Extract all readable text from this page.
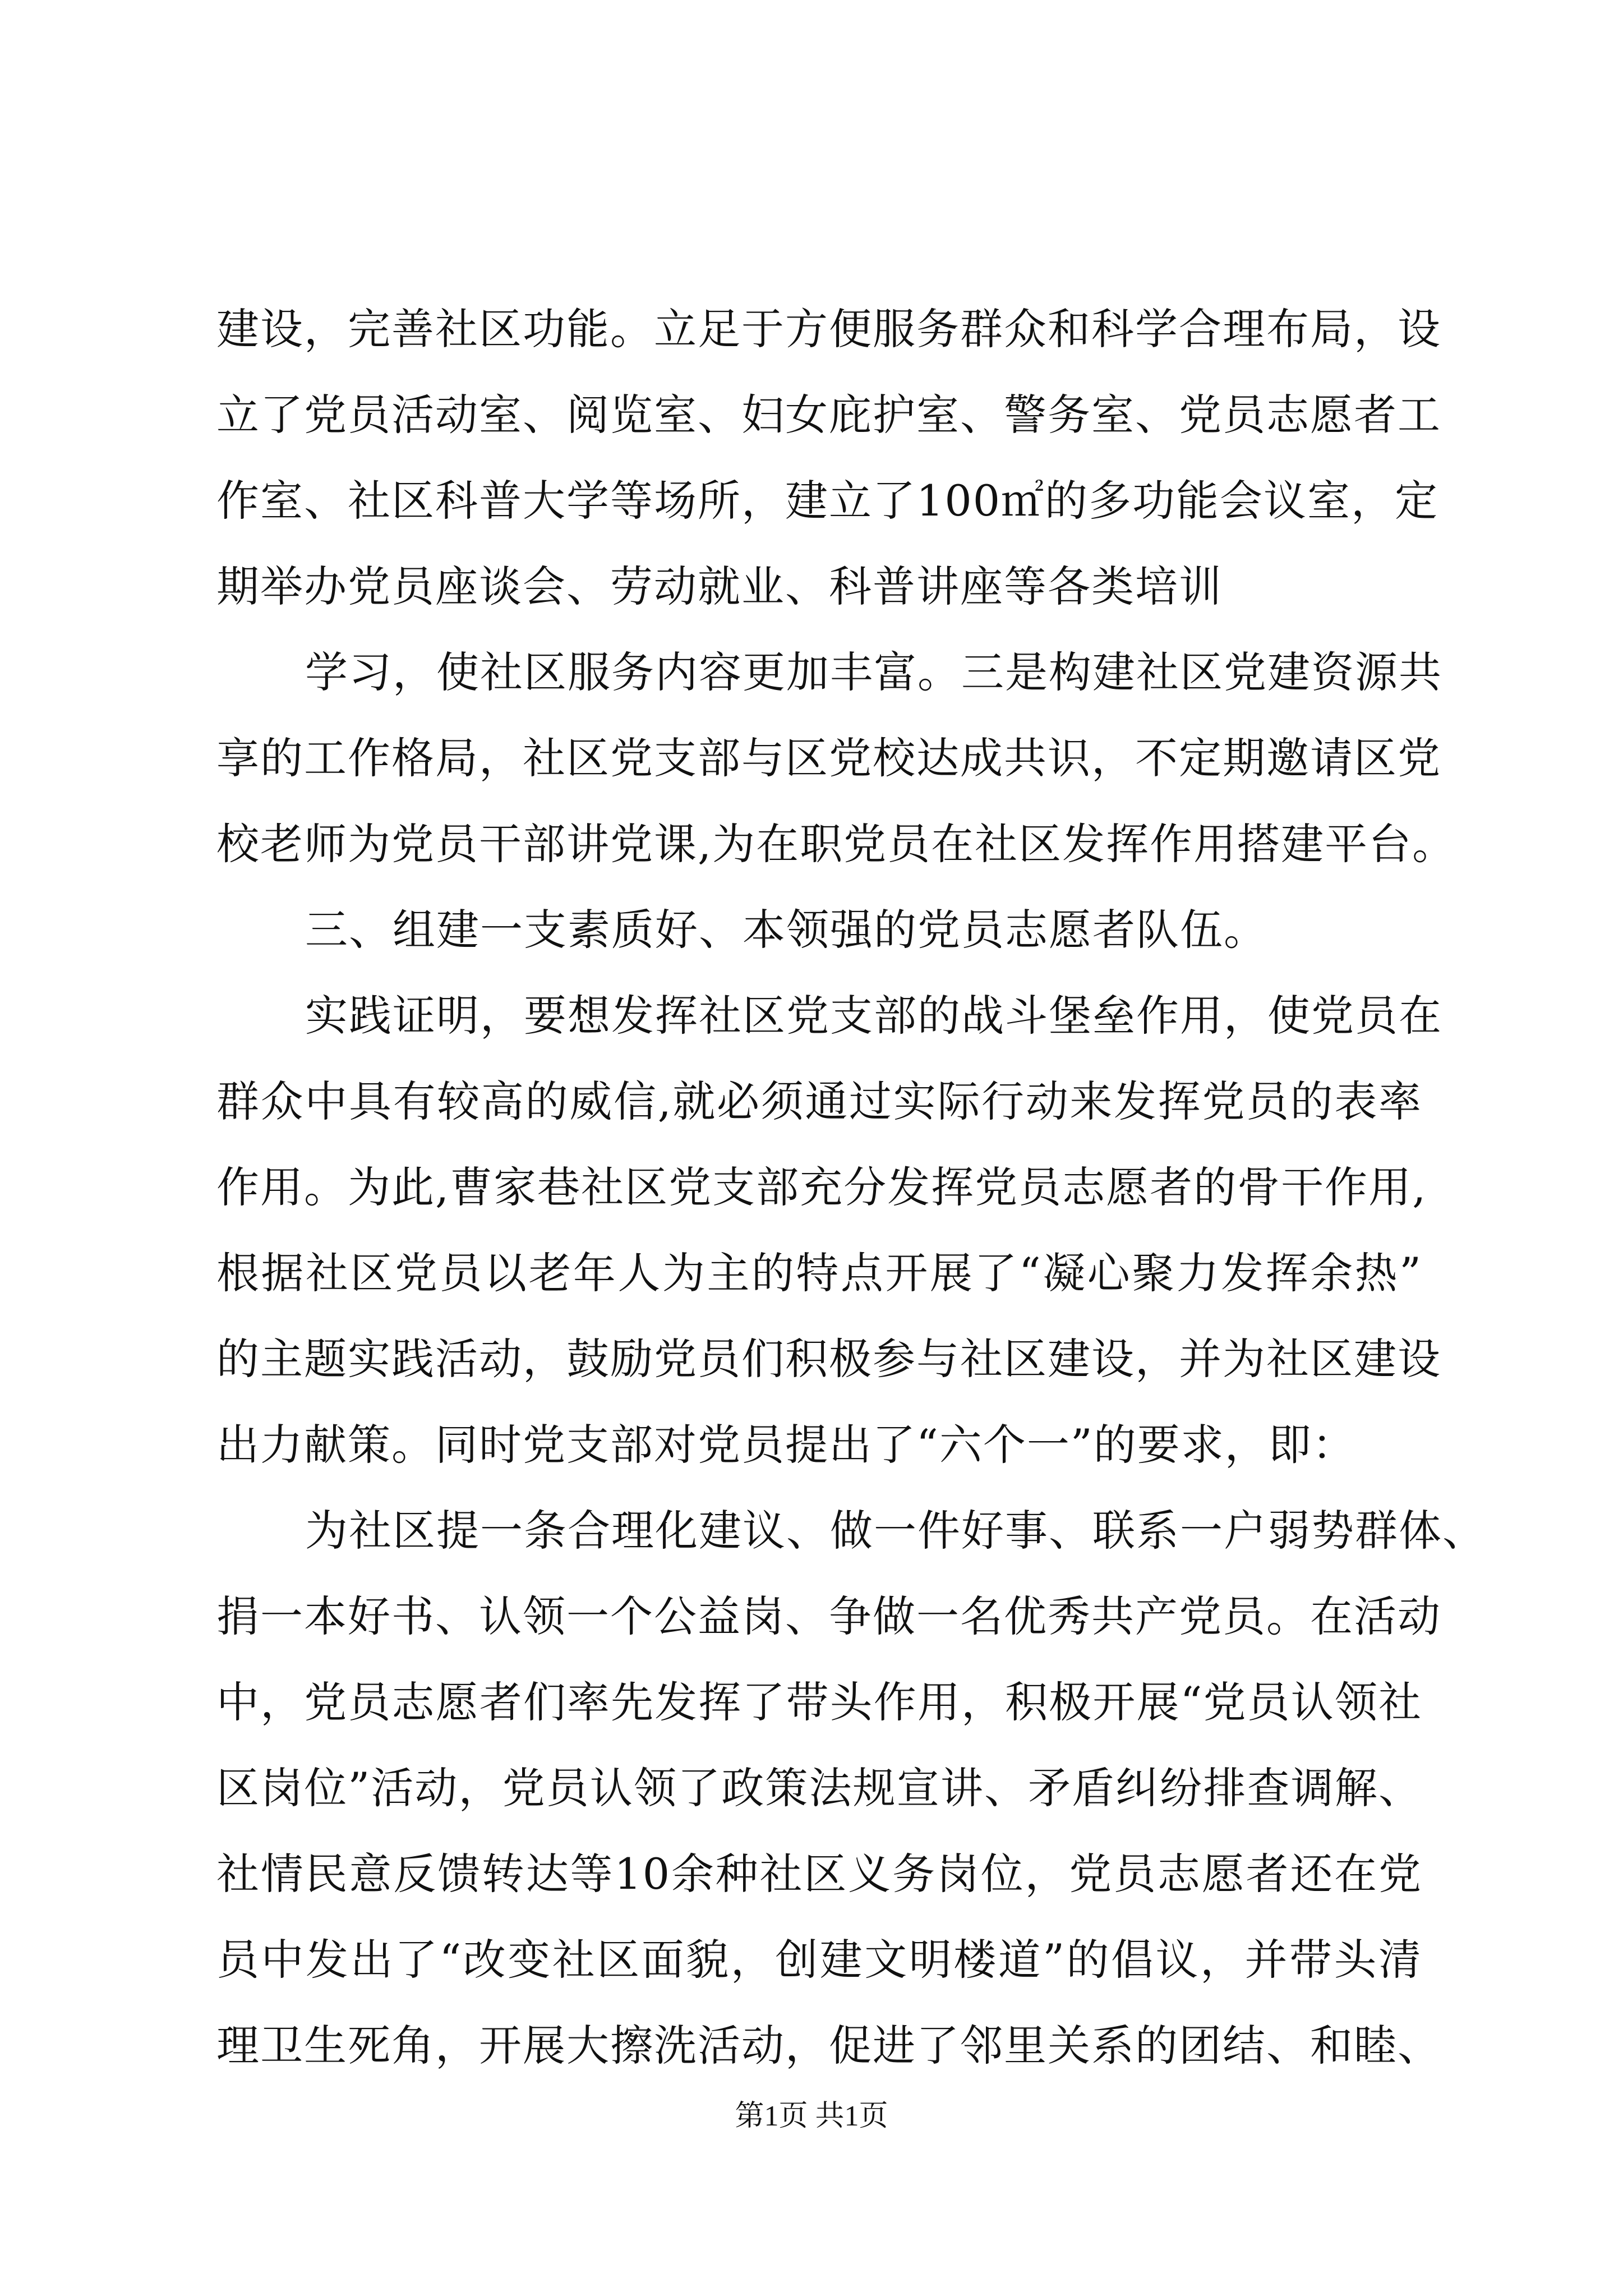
建设，完善社区功能。立足于方便服务群众和科学合理布局，设
立了党员活动室、阅览室、妇女庇护室、警务室、党员志愿者工
作室、社区科普大学等场所，建立了100㎡的多功能会议室，定
期举办党员座谈会、劳动就业、科普讲座等各类培训
学习，使社区服务内容更加丰富。三是构建社区党建资源共
享的工作格局，社区党支部与区党校达成共识，不定期邀请区党
校老师为党员干部讲党课,为在职党员在社区发挥作用搭建平台。
三、组建一支素质好、本领强的党员志愿者队伍。
实践证明，要想发挥社区党支部的战斗堡垒作用，使党员在
群众中具有较高的威信,就必须通过实际行动来发挥党员的表率
作用。为此,曹家巷社区党支部充分发挥党员志愿者的骨干作用,
根据社区党员以老年人为主的特点开展了“凝心聚力发挥余热”
的主题实践活动，鼓励党员们积极参与社区建设，并为社区建设
出力献策。同时党支部对党员提出了“六个一”的要求，即：
为社区提一条合理化建议、做一件好事、联系一户弱势群体、
捐一本好书、认领一个公益岗、争做一名优秀共产党员。在活动
中，党员志愿者们率先发挥了带头作用，积极开展“党员认领社
区岗位”活动，党员认领了政策法规宣讲、矛盾纠纷排查调解、
社情民意反馈转达等10余种社区义务岗位，党员志愿者还在党
员中发出了“改变社区面貌，创建文明楼道”的倡议，并带头清
理卫生死角，开展大擦洗活动，促进了邻里关系的团结、和睦、
第1页 共1页
